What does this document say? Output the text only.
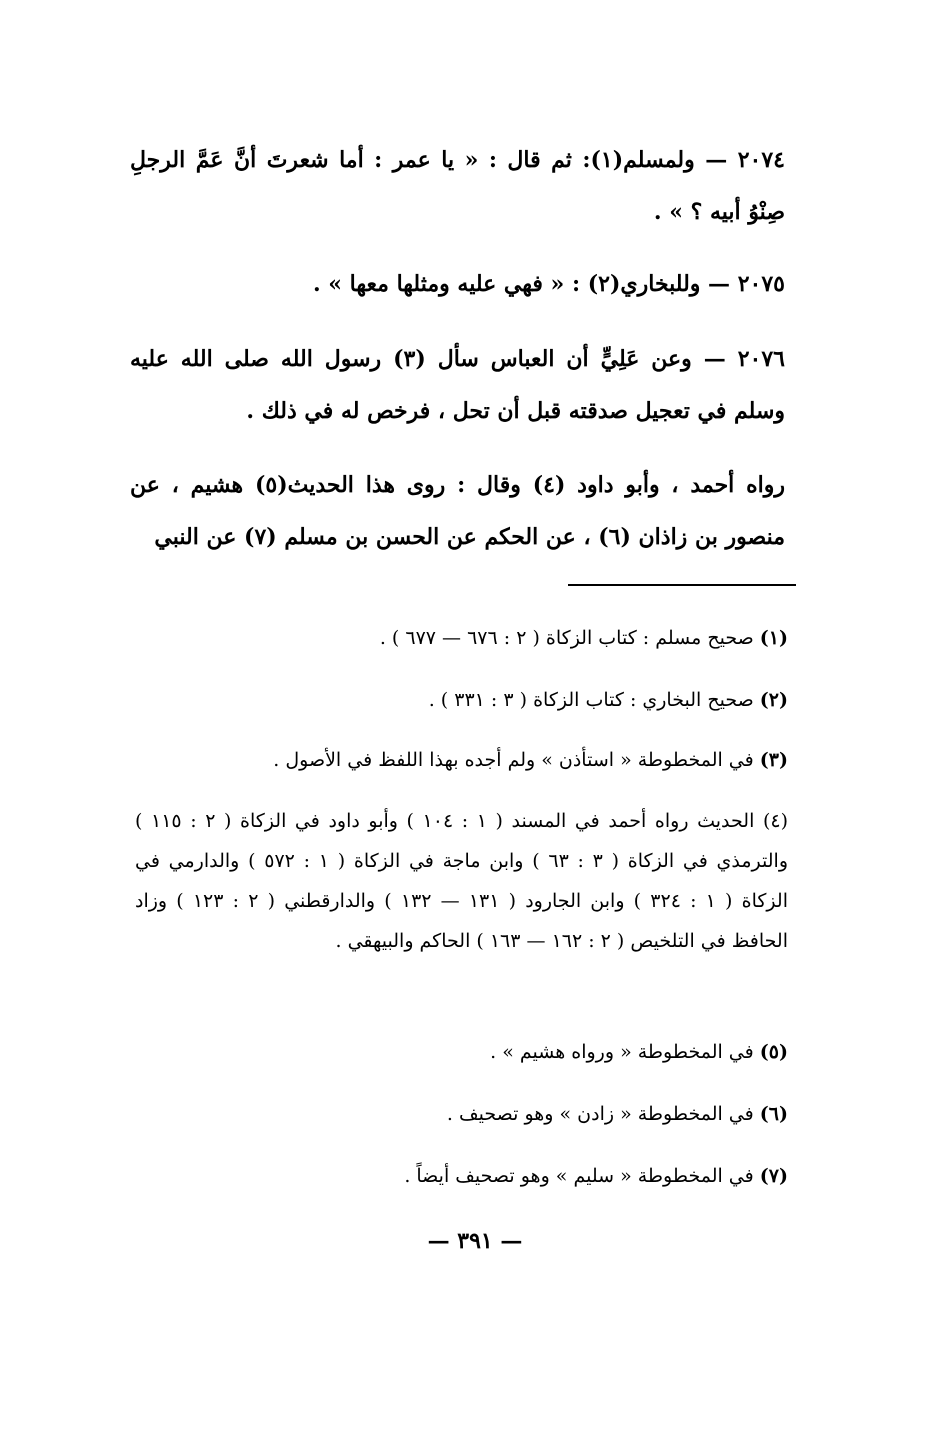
٢٠٧٤ — ولمسلم(١): ثم قال : « يا عمر : أما شعرتَ أنَّ عَمَّ الرجلِ صِنْوُ أبيه ؟ » .

٢٠٧٥ — وللبخاري(٢) : « فهي عليه ومثلها معها » .

٢٠٧٦ — وعن عَلِيٍّ أن العباس سأل (٣) رسول الله صلى الله عليه وسلم في تعجيل صدقته قبل أن تحل ، فرخص له في ذلك .

رواه أحمد ، وأبو داود (٤) وقال : روى هذا الحديث(٥) هشيم ، عن منصور بن زاذان (٦) ، عن الحكم عن الحسن بن مسلم (٧) عن النبي

(١) صحيح مسلم : كتاب الزكاة ( ٢ : ٦٧٦ — ٦٧٧ ) .
(٢) صحيح البخاري : كتاب الزكاة ( ٣ : ٣٣١ ) .
(٣) في المخطوطة « استأذن » ولم أجده بهذا اللفظ في الأصول .
(٤) الحديث رواه أحمد في المسند ( ١ : ١٠٤ ) وأبو داود في الزكاة ( ٢ : ١١٥ ) والترمذي في الزكاة ( ٣ : ٦٣ ) وابن ماجة في الزكاة ( ١ : ٥٧٢ ) والدارمي في الزكاة ( ١ : ٣٢٤ ) وابن الجارود ( ١٣١ — ١٣٢ ) والدارقطني ( ٢ : ١٢٣ ) وزاد الحافظ في التلخيص ( ٢ : ١٦٢ — ١٦٣ ) الحاكم والبيهقي .
(٥) في المخطوطة « ورواه هشيم » .
(٦) في المخطوطة « زادن » وهو تصحيف .
(٧) في المخطوطة « سليم » وهو تصحيف أيضاً .
— ٣٩١ —
